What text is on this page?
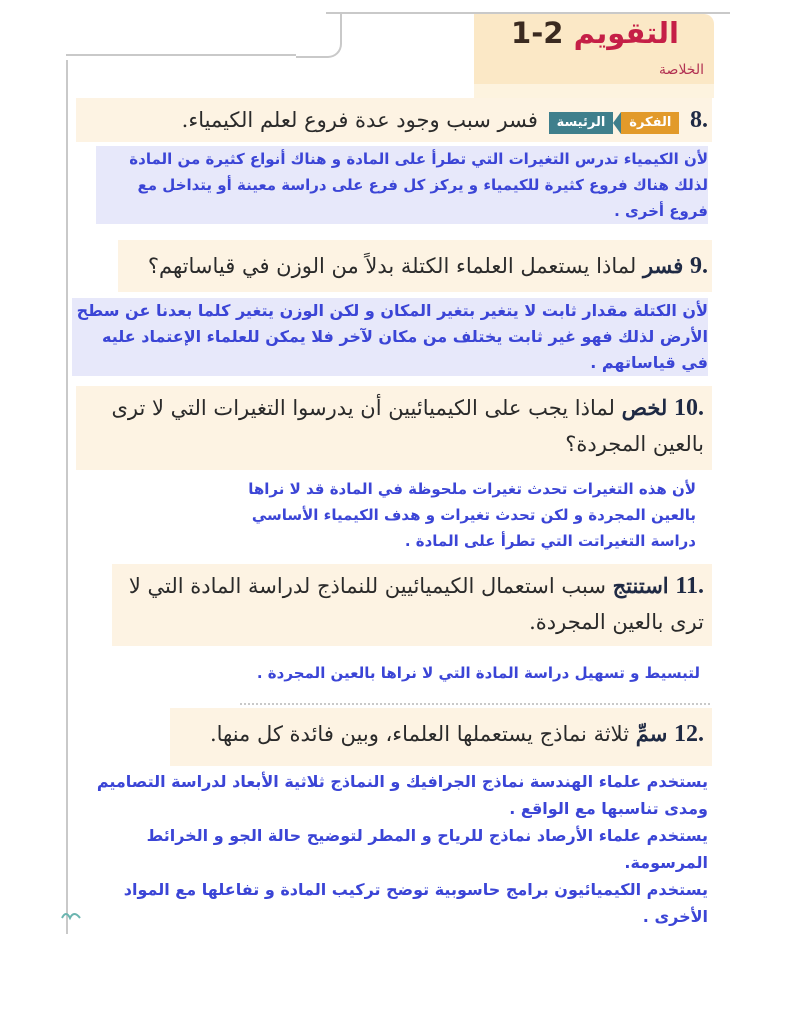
التقويم 2-1
الخلاصة
.8 الفكرةالرئيسة فسر سبب وجود عدة فروع لعلم الكيمياء.
لأن الكيمياء تدرس التغيرات التي تطرأ على المادة و هناك أنواع كثيرة من المادة لذلك هناك فروع كثيرة للكيمياء و يركز كل فرع على دراسة معينة أو يتداخل مع فروع أخرى .
.9 فسر لماذا يستعمل العلماء الكتلة بدلاً من الوزن في قياساتهم؟
لأن الكتلة مقدار ثابت لا يتغير بتغير المكان و لكن الوزن يتغير كلما بعدنا عن سطح الأرض لذلك فهو غير ثابت يختلف من مكان لآخر فلا يمكن للعلماء الإعتماد عليه في قياساتهم .
.10 لخص لماذا يجب على الكيميائيين أن يدرسوا التغيرات التي لا ترى بالعين المجردة؟
لأن هذه التغيرات تحدث تغيرات ملحوظة في المادة قد لا نراها بالعين المجردة و لكن تحدث تغيرات و هدف الكيمياء الأساسي دراسة التغيراتت التي تطرأ على المادة .
.11 استنتج سبب استعمال الكيميائيين للنماذج لدراسة المادة التي لا ترى بالعين المجردة.
لتبسيط و تسهيل دراسة المادة التي لا نراها بالعين المجردة .
.12 سمِّ ثلاثة نماذج يستعملها العلماء، وبين فائدة كل منها.

يستخدم علماء الهندسة نماذج الجرافيك و النماذج ثلاثية الأبعاد لدراسة التصاميم ومدى تناسبها مع الواقع .

يستخدم علماء الأرصاد نماذج للرياح و المطر لتوضيح حالة الجو و الخرائط المرسومة.

يستخدم الكيميائيون برامج حاسوبية توضح تركيب المادة و تفاعلها مع المواد الأخرى .
